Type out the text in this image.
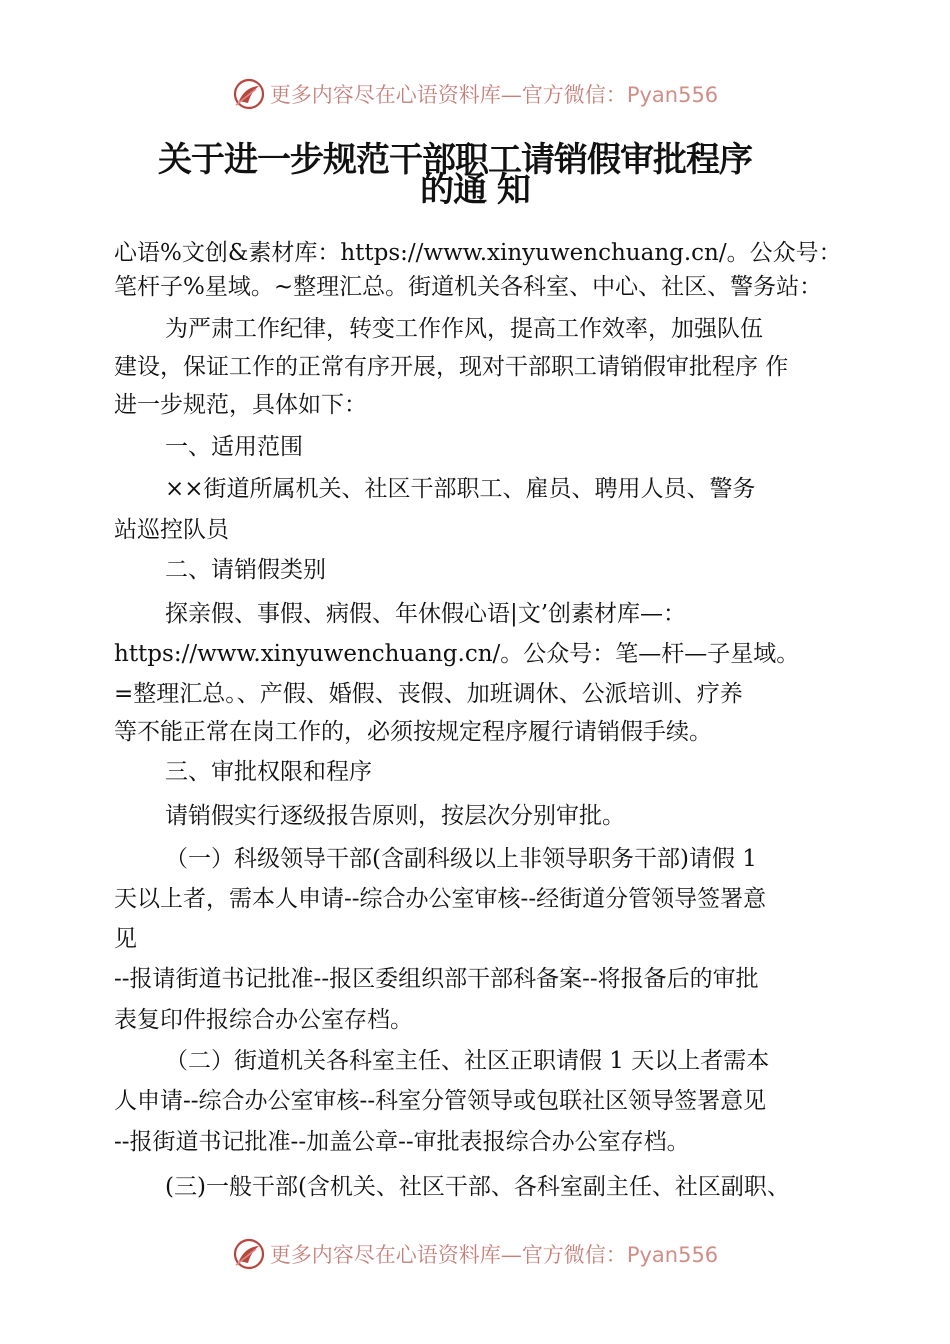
更多内容尽在心语资料库—官方微信：Pyan556
关于进一步规范干部职工请销假审批程序
的通 知

心语%文创&素材库：https://www.xinyuwenchuang.cn/。公众号：

笔杆子%星域。~整理汇总。街道机关各科室、中心、社区、警务站：

为严肃工作纪律，转变工作作风，提高工作效率，加强队伍

建设，保证工作的正常有序开展，现对干部职工请销假审批程序 作

进一步规范，具体如下：

一、适用范围

××街道所属机关、社区干部职工、雇员、聘用人员、警务

站巡控队员

二、请销假类别

探亲假、事假、病假、年休假心语|文’创素材库—：

https://www.xinyuwenchuang.cn/。公众号：笔—杆—子星域。

=整理汇总。、产假、婚假、丧假、加班调休、公派培训、疗养

等不能正常在岗工作的，必须按规定程序履行请销假手续。

三、审批权限和程序

请销假实行逐级报告原则，按层次分别审批。

（一）科级领导干部(含副科级以上非领导职务干部)请假 1

天以上者，需本人申请--综合办公室审核--经街道分管领导签署意

见

--报请街道书记批准--报区委组织部干部科备案--将报备后的审批

表复印件报综合办公室存档。

（二）街道机关各科室主任、社区正职请假 1 天以上者需本

人申请--综合办公室审核--科室分管领导或包联社区领导签署意见

--报街道书记批准--加盖公章--审批表报综合办公室存档。

(三)一般干部(含机关、社区干部、各科室副主任、社区副职、

更多内容尽在心语资料库—官方微信：Pyan556
